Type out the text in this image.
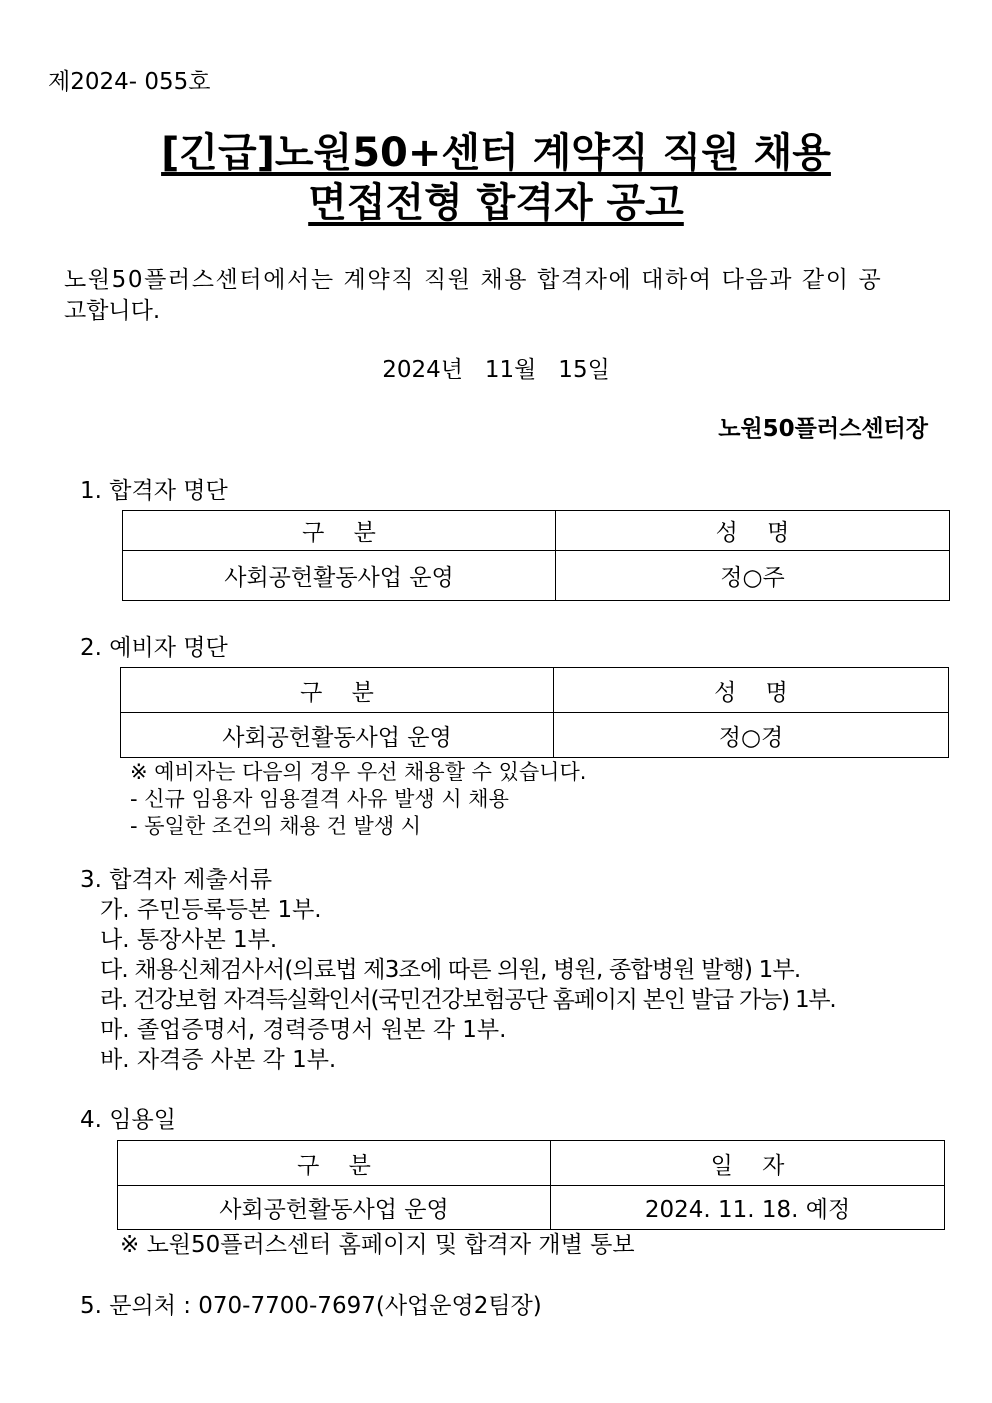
제2024- 055호
[긴급]노원50+센터 계약직 직원 채용
면접전형 합격자 공고
노원50플러스센터에서는 계약직 직원 채용 합격자에 대하여 다음과 같이 공
고합니다.
2024년   11월   15일
노원50플러스센터장
1. 합격자 명단
구    분	성    명
사회공헌활동사업 운영	정○주
2. 예비자 명단
구    분	성    명
사회공헌활동사업 운영	정○경
※ 예비자는 다음의 경우 우선 채용할 수 있습니다.
- 신규 임용자 임용결격 사유 발생 시 채용
- 동일한 조건의 채용 건 발생 시
3. 합격자 제출서류
가. 주민등록등본 1부.
나. 통장사본 1부.
다. 채용신체검사서(의료법 제3조에 따른 의원, 병원, 종합병원 발행) 1부.
라. 건강보험 자격득실확인서(국민건강보험공단 홈페이지 본인 발급 가능) 1부.
마. 졸업증명서, 경력증명서 원본 각 1부.
바. 자격증 사본 각 1부.
4. 임용일
구    분	일    자
사회공헌활동사업 운영	2024. 11. 18. 예정
※ 노원50플러스센터 홈페이지 및 합격자 개별 통보
5. 문의처 : 070-7700-7697(사업운영2팀장)
